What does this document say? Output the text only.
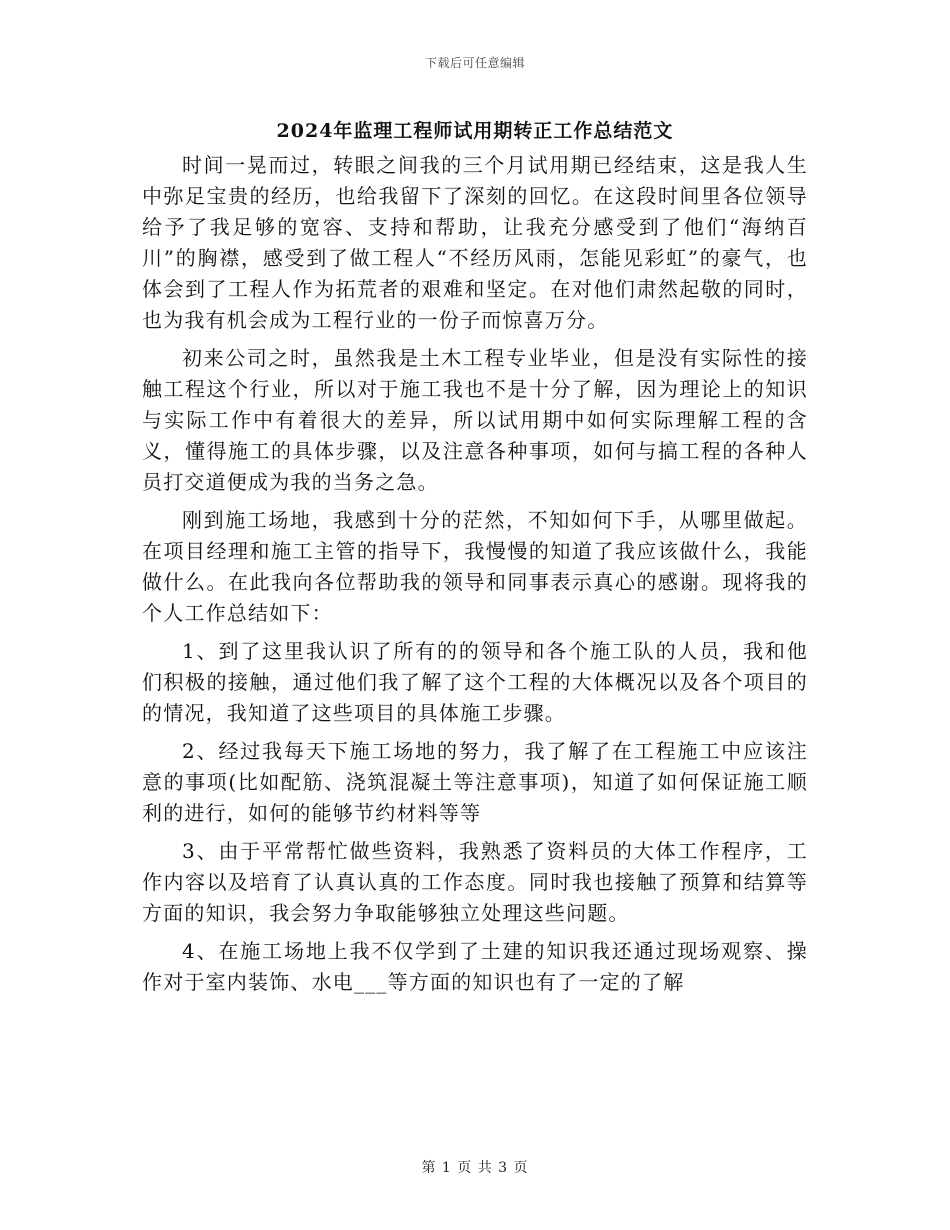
下载后可任意编辑
2024年监理工程师试用期转正工作总结范文

时间一晃而过，转眼之间我的三个月试用期已经结束，这是我人生中弥足宝贵的经历，也给我留下了深刻的回忆。在这段时间里各位领导给予了我足够的宽容、支持和帮助，让我充分感受到了他们“海纳百川”的胸襟，感受到了做工程人“不经历风雨，怎能见彩虹”的豪气，也体会到了工程人作为拓荒者的艰难和坚定。在对他们肃然起敬的同时，也为我有机会成为工程行业的一份子而惊喜万分。

初来公司之时，虽然我是土木工程专业毕业，但是没有实际性的接触工程这个行业，所以对于施工我也不是十分了解，因为理论上的知识与实际工作中有着很大的差异，所以试用期中如何实际理解工程的含义，懂得施工的具体步骤，以及注意各种事项，如何与搞工程的各种人员打交道便成为我的当务之急。

刚到施工场地，我感到十分的茫然，不知如何下手，从哪里做起。在项目经理和施工主管的指导下，我慢慢的知道了我应该做什么，我能做什么。在此我向各位帮助我的领导和同事表示真心的感谢。现将我的个人工作总结如下：

1、到了这里我认识了所有的的领导和各个施工队的人员，我和他们积极的接触，通过他们我了解了这个工程的大体概况以及各个项目的的情况，我知道了这些项目的具体施工步骤。

2、经过我每天下施工场地的努力，我了解了在工程施工中应该注意的事项(比如配筋、浇筑混凝土等注意事项)，知道了如何保证施工顺利的进行，如何的能够节约材料等等

3、由于平常帮忙做些资料，我熟悉了资料员的大体工作程序，工作内容以及培育了认真认真的工作态度。同时我也接触了预算和结算等方面的知识，我会努力争取能够独立处理这些问题。

4、在施工场地上我不仅学到了土建的知识我还通过现场观察、操作对于室内装饰、水电___等方面的知识也有了一定的了解

第 1 页 共 3 页
